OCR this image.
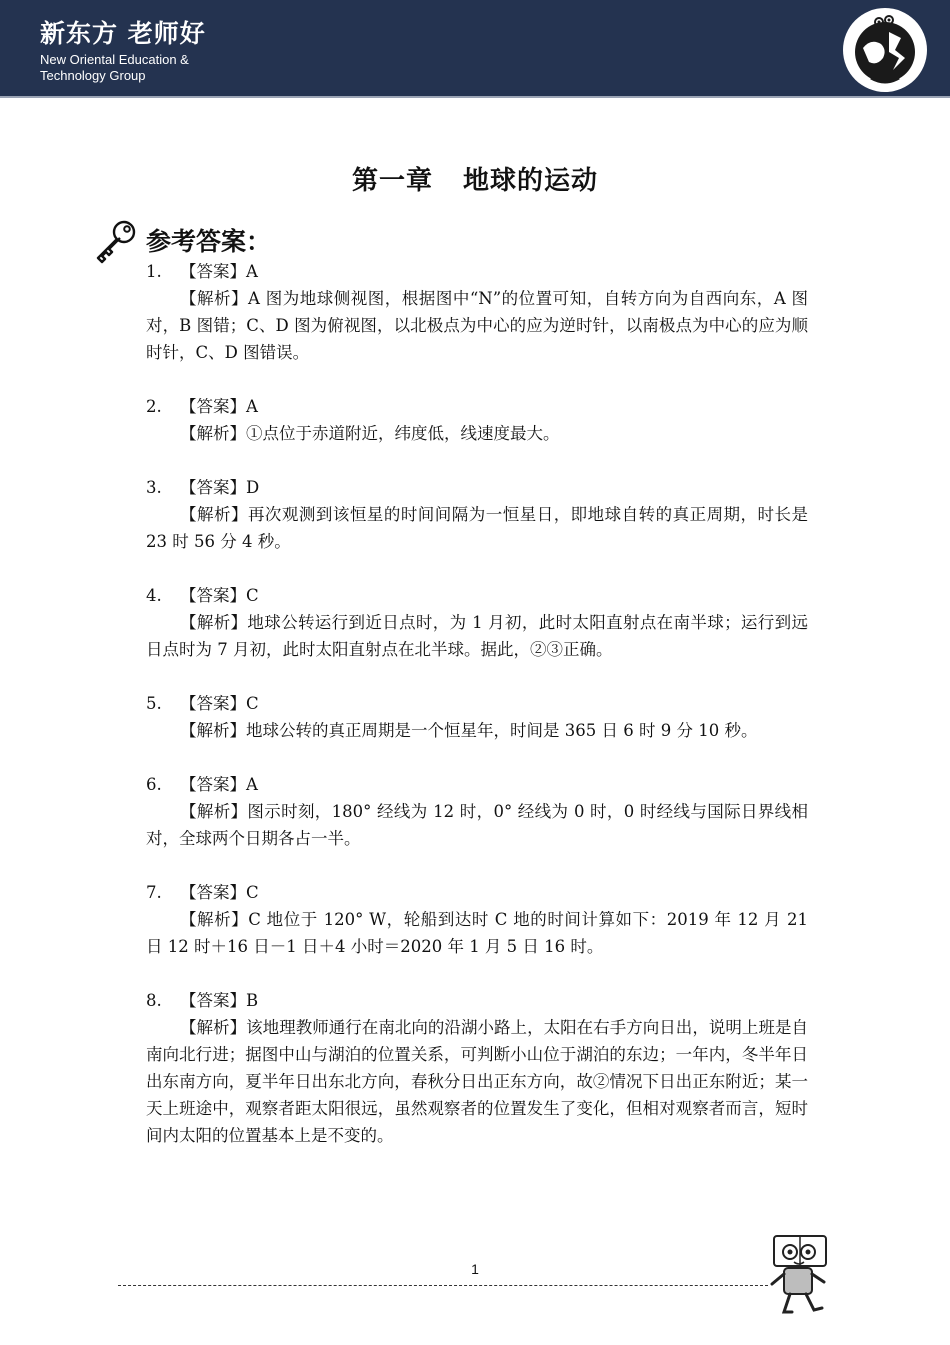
新东方 老师好
New Oriental Education &
Technology Group
第一章 地球的运动
参考答案：
1. 【答案】A
【解析】A 图为地球侧视图，根据图中“N”的位置可知，自转方向为自西向东，A 图对，B 图错；C、D 图为俯视图，以北极点为中心的应为逆时针，以南极点为中心的应为顺时针，C、D 图错误。
2. 【答案】A
【解析】①点位于赤道附近，纬度低，线速度最大。
3. 【答案】D
【解析】再次观测到该恒星的时间间隔为一恒星日，即地球自转的真正周期，时长是 23 时 56 分 4 秒。
4. 【答案】C
【解析】地球公转运行到近日点时，为 1 月初，此时太阳直射点在南半球；运行到远日点时为 7 月初，此时太阳直射点在北半球。据此，②③正确。
5. 【答案】C
【解析】地球公转的真正周期是一个恒星年，时间是 365 日 6 时 9 分 10 秒。
6. 【答案】A
【解析】图示时刻，180° 经线为 12 时，0° 经线为 0 时，0 时经线与国际日界线相对，全球两个日期各占一半。
7. 【答案】C
【解析】C 地位于 120° W，轮船到达时 C 地的时间计算如下：2019 年 12 月 21 日 12 时＋16 日－1 日＋4 小时＝2020 年 1 月 5 日 16 时。
8. 【答案】B
【解析】该地理教师通行在南北向的沿湖小路上，太阳在右手方向日出，说明上班是自南向北行进；据图中山与湖泊的位置关系，可判断小山位于湖泊的东边；一年内，冬半年日出东南方向，夏半年日出东北方向，春秋分日出正东方向，故②情况下日出正东附近；某一天上班途中，观察者距太阳很远，虽然观察者的位置发生了变化，但相对观察者而言，短时间内太阳的位置基本上是不变的。
1
